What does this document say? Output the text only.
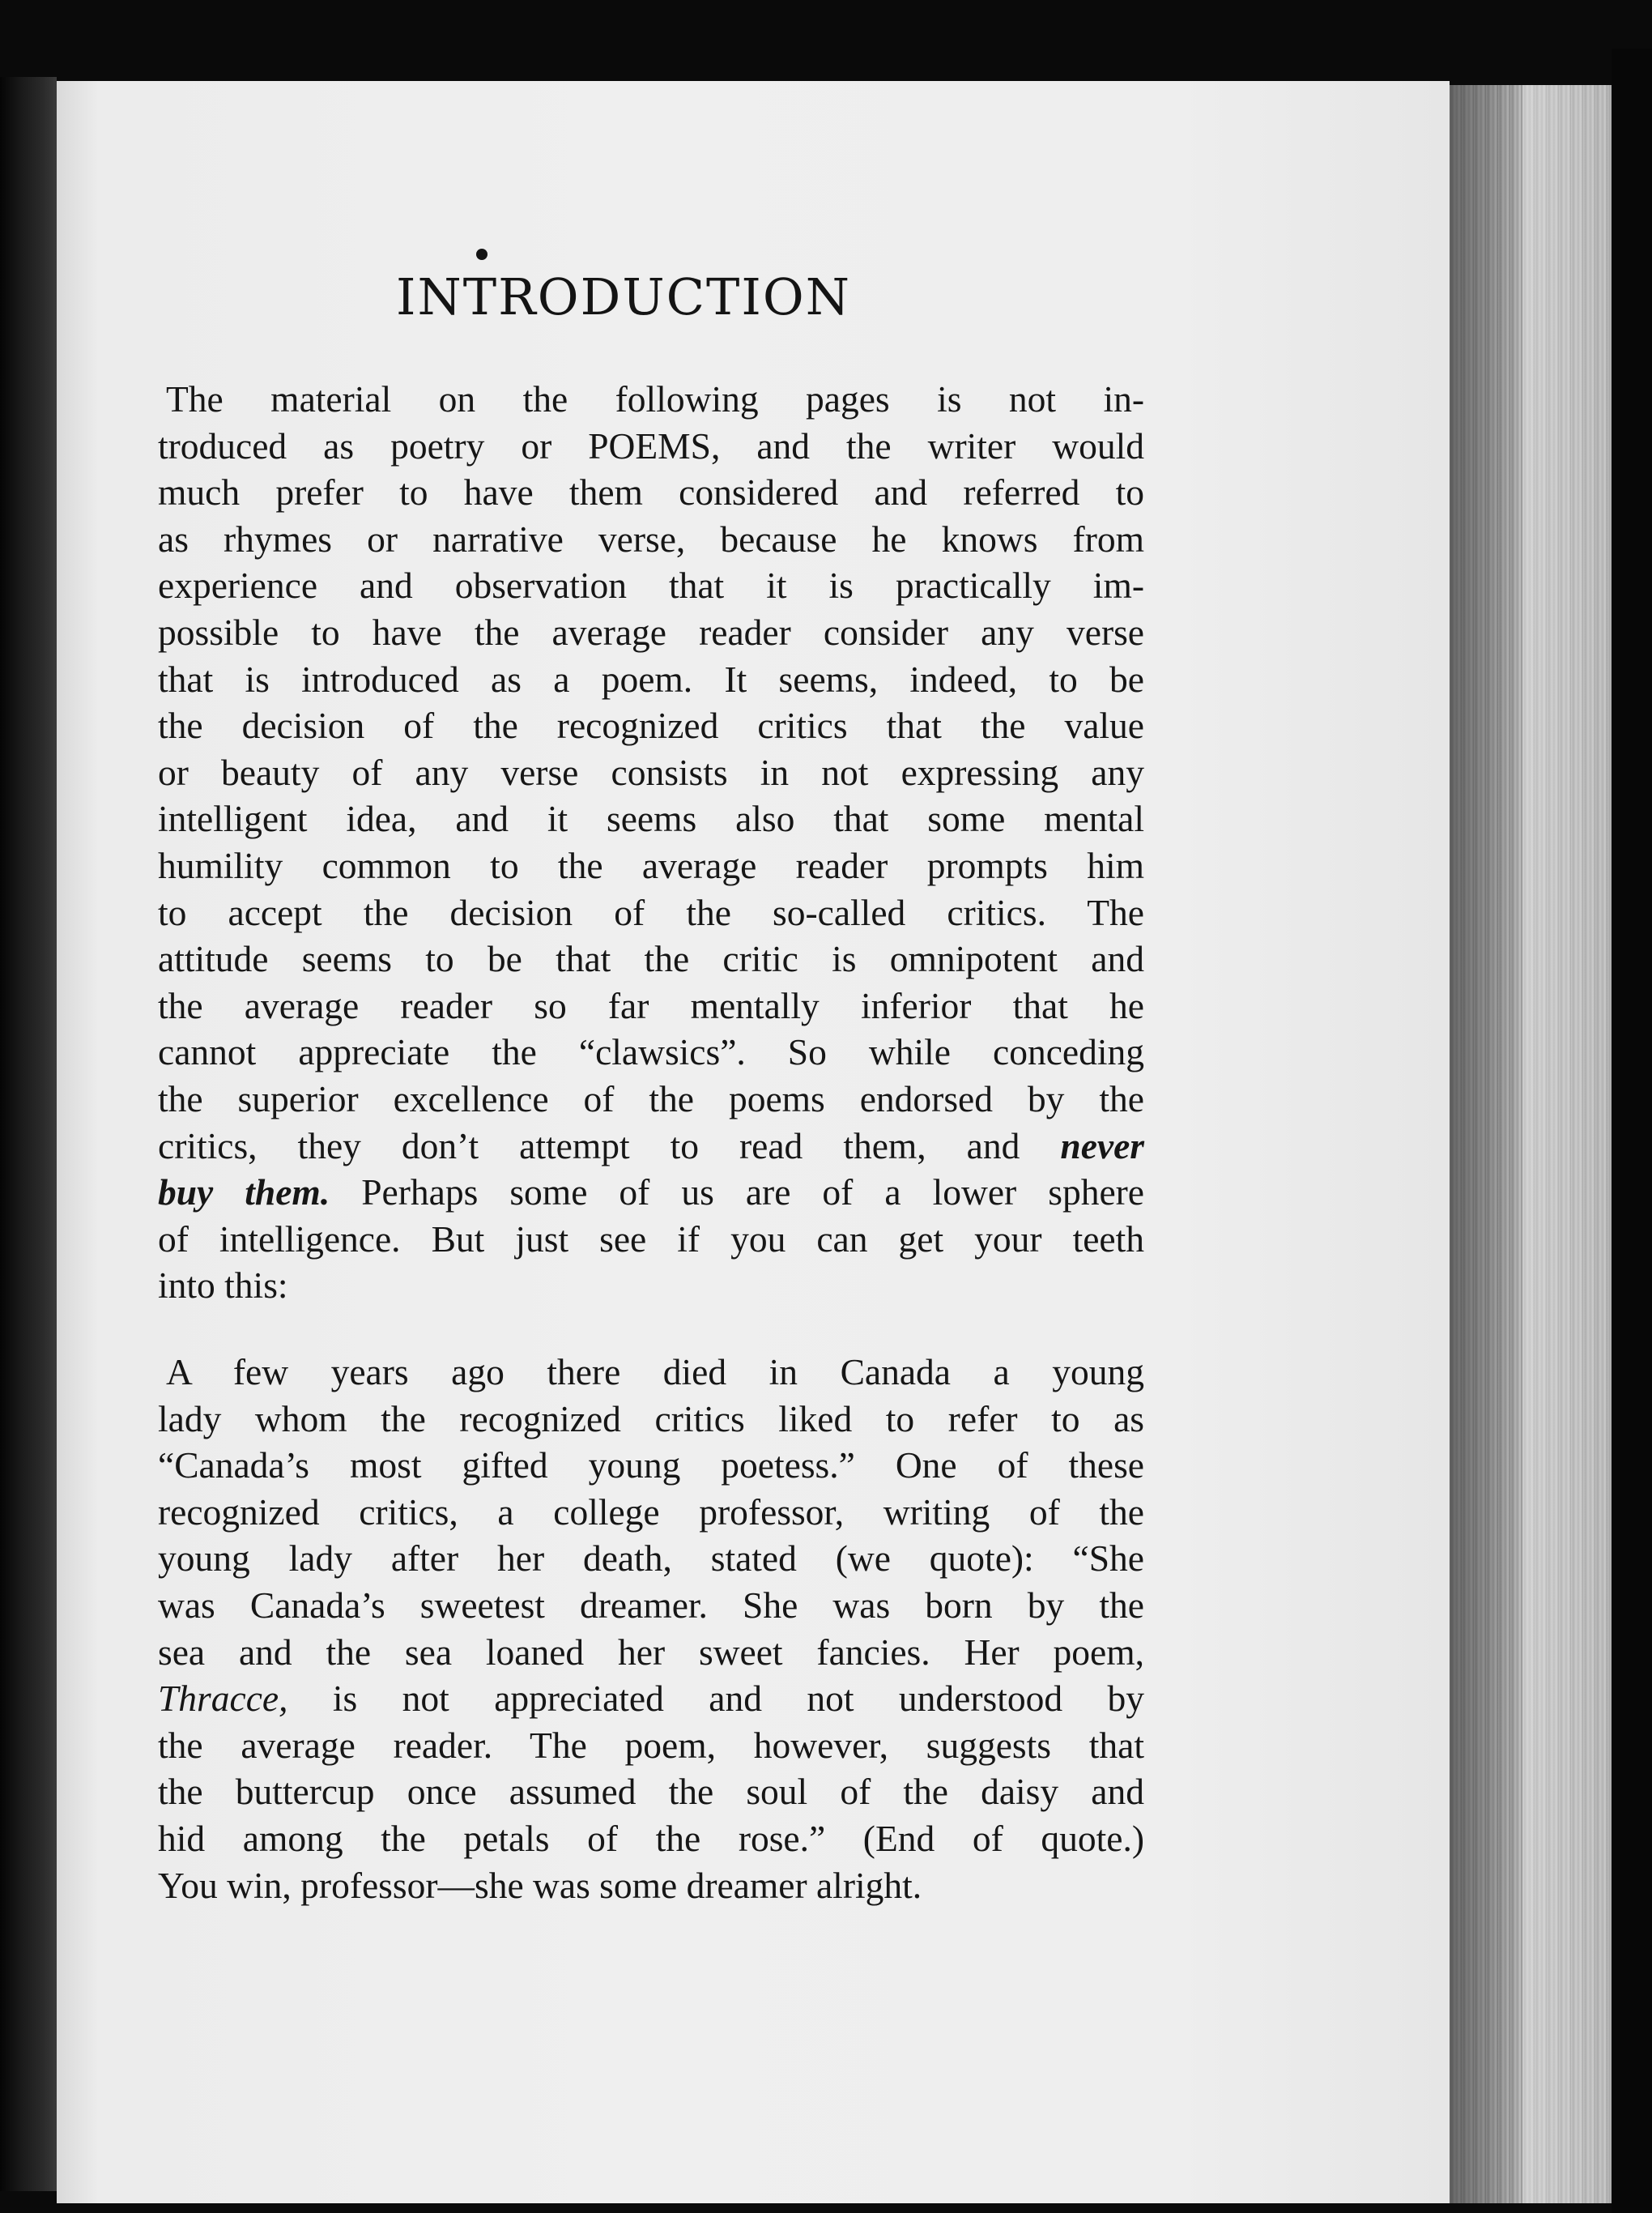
INTRODUCTION
The material on the following pages is not in-
troduced as poetry or POEMS, and the writer would
much prefer to have them considered and referred to
as rhymes or narrative verse, because he knows from
experience and observation that it is practically im-
possible to have the average reader consider any verse
that is introduced as a poem. It seems, indeed, to be
the decision of the recognized critics that the value
or beauty of any verse consists in not expressing any
intelligent idea, and it seems also that some mental
humility common to the average reader prompts him
to accept the decision of the so-called critics. The
attitude seems to be that the critic is omnipotent and
the average reader so far mentally inferior that he
cannot appreciate the “clawsics”. So while conceding
the superior excellence of the poems endorsed by the
critics, they don’t attempt to read them, and never
buy them. Perhaps some of us are of a lower sphere
of intelligence. But just see if you can get your teeth
into this:
A few years ago there died in Canada a young
lady whom the recognized critics liked to refer to as
“Canada’s most gifted young poetess.” One of these
recognized critics, a college professor, writing of the
young lady after her death, stated (we quote): “She
was Canada’s sweetest dreamer. She was born by the
sea and the sea loaned her sweet fancies. Her poem,
Thracce, is not appreciated and not understood by
the average reader. The poem, however, suggests that
the buttercup once assumed the soul of the daisy and
hid among the petals of the rose.” (End of quote.)
You win, professor—she was some dreamer alright.
